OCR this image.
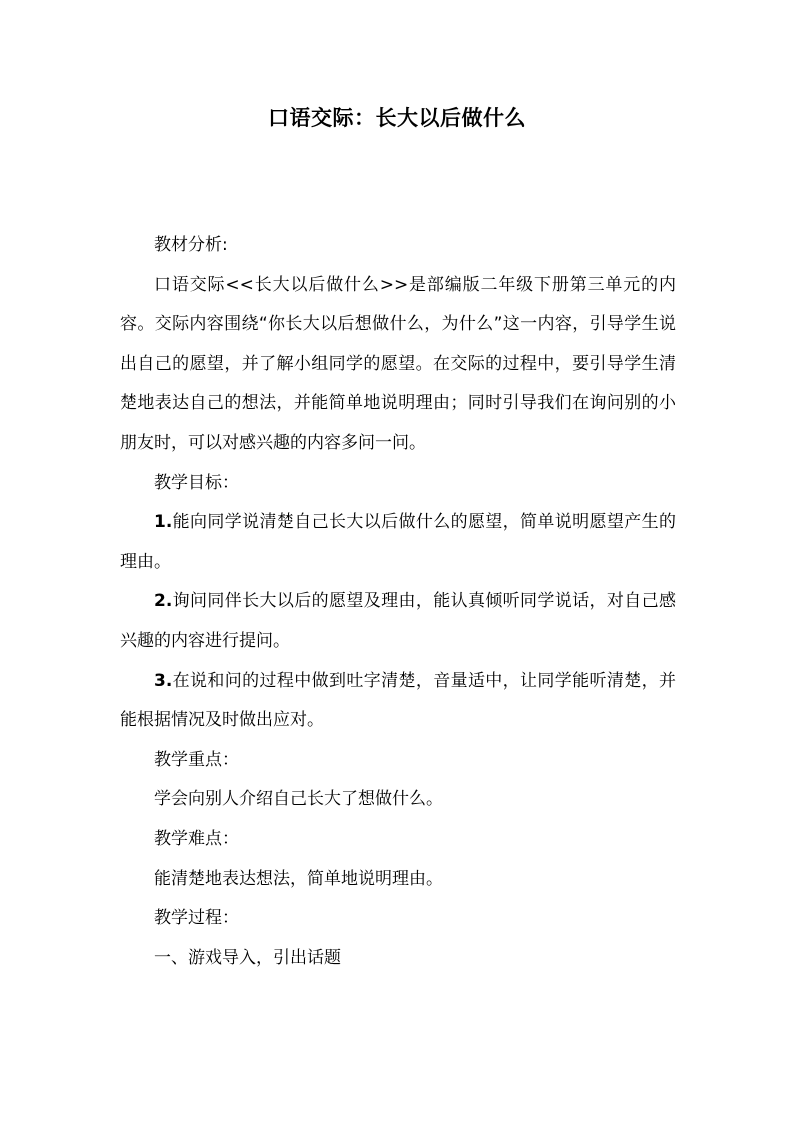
口语交际：长大以后做什么

教材分析:

口语交际<<长大以后做什么>>是部编版二年级下册第三单元的内容。交际内容围绕“你长大以后想做什么，为什么”这一内容，引导学生说出自己的愿望，并了解小组同学的愿望。在交际的过程中，要引导学生清楚地表达自己的想法，并能简单地说明理由；同时引导我们在询问别的小朋友时，可以对感兴趣的内容多问一问。

教学目标：

1.能向同学说清楚自己长大以后做什么的愿望，简单说明愿望产生的理由。

2.询问同伴长大以后的愿望及理由，能认真倾听同学说话，对自己感兴趣的内容进行提问。

3.在说和问的过程中做到吐字清楚，音量适中，让同学能听清楚，并能根据情况及时做出应对。

教学重点：

学会向别人介绍自己长大了想做什么。

教学难点：

能清楚地表达想法，简单地说明理由。

教学过程：

一、游戏导入，引出话题
